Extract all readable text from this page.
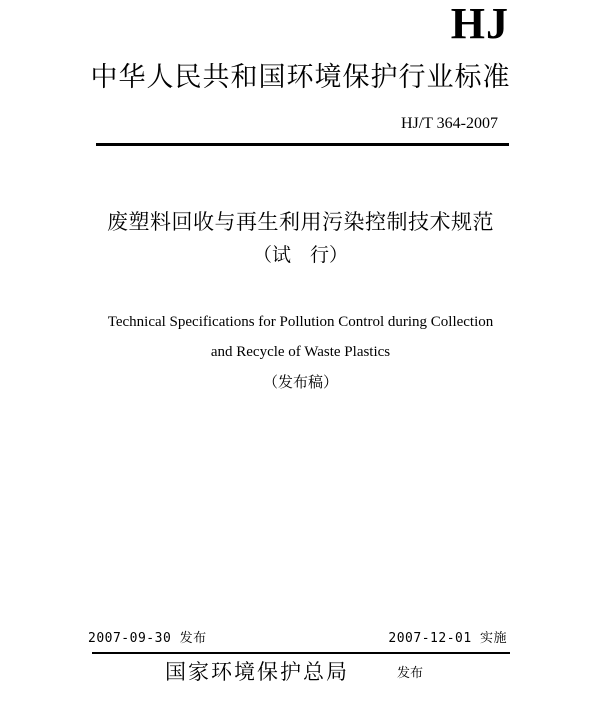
HJ
中华人民共和国环境保护行业标准
HJ/T 364-2007
废塑料回收与再生利用污染控制技术规范
（试　行）
Technical Specifications for Pollution Control during Collection
and Recycle of Waste Plastics
（发布稿）
2007-09-30 发布	2007-12-01 实施
国家环境保护总局	发布
